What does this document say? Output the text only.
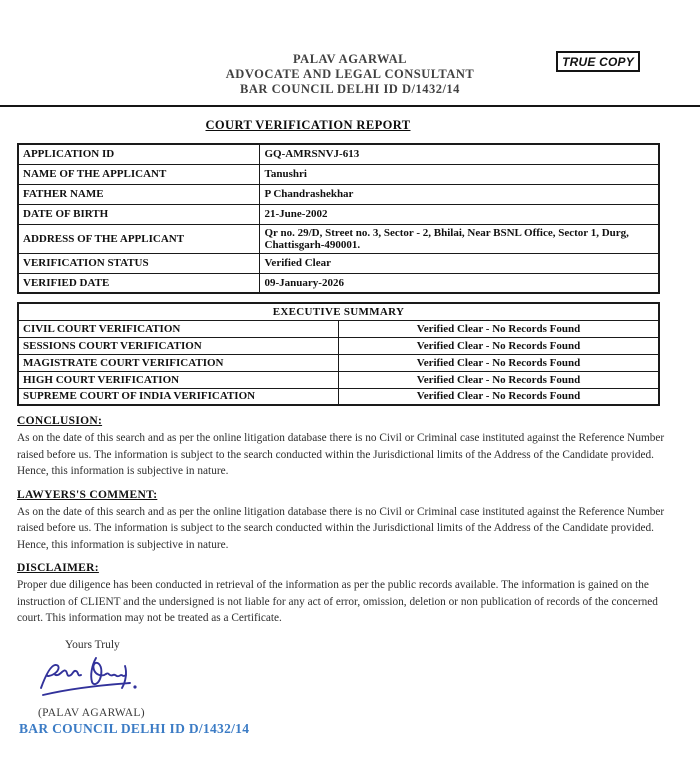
PALAV AGARWAL
ADVOCATE AND LEGAL CONSULTANT
BAR COUNCIL DELHI ID D/1432/14
TRUE COPY
COURT VERIFICATION REPORT
APPLICATION ID	GQ-AMRSNVJ-613
NAME OF THE APPLICANT	Tanushri
FATHER NAME	P Chandrashekhar
DATE OF BIRTH	21-June-2002
ADDRESS OF THE APPLICANT	Qr no. 29/D, Street no. 3, Sector - 2, Bhilai, Near BSNL Office, Sector 1, Durg, Chattisgarh-490001.
VERIFICATION STATUS	Verified Clear
VERIFIED DATE	09-January-2026
EXECUTIVE SUMMARY	
CIVIL COURT VERIFICATION	Verified Clear - No Records Found
SESSIONS COURT VERIFICATION	Verified Clear - No Records Found
MAGISTRATE COURT VERIFICATION	Verified Clear - No Records Found
HIGH COURT VERIFICATION	Verified Clear - No Records Found
SUPREME COURT OF INDIA VERIFICATION	Verified Clear - No Records Found
CONCLUSION:
As on the date of this search and as per the online litigation database there is no Civil or Criminal case instituted against the Reference Number raised before us. The information is subject to the search conducted within the Jurisdictional limits of the Address of the Candidate provided. Hence, this information is subjective in nature.
LAWYERS'S COMMENT:
As on the date of this search and as per the online litigation database there is no Civil or Criminal case instituted against the Reference Number raised before us. The information is subject to the search conducted within the Jurisdictional limits of the Address of the Candidate provided. Hence, this information is subjective in nature.
DISCLAIMER:
Proper due diligence has been conducted in retrieval of the information as per the public records available. The information is gained on the instruction of CLIENT and the undersigned is not liable for any act of error, omission, deletion or non publication of records of the concerned court. This information may not be treated as a Certificate.
Yours Truly
(PALAV AGARWAL)
BAR COUNCIL DELHI ID D/1432/14
